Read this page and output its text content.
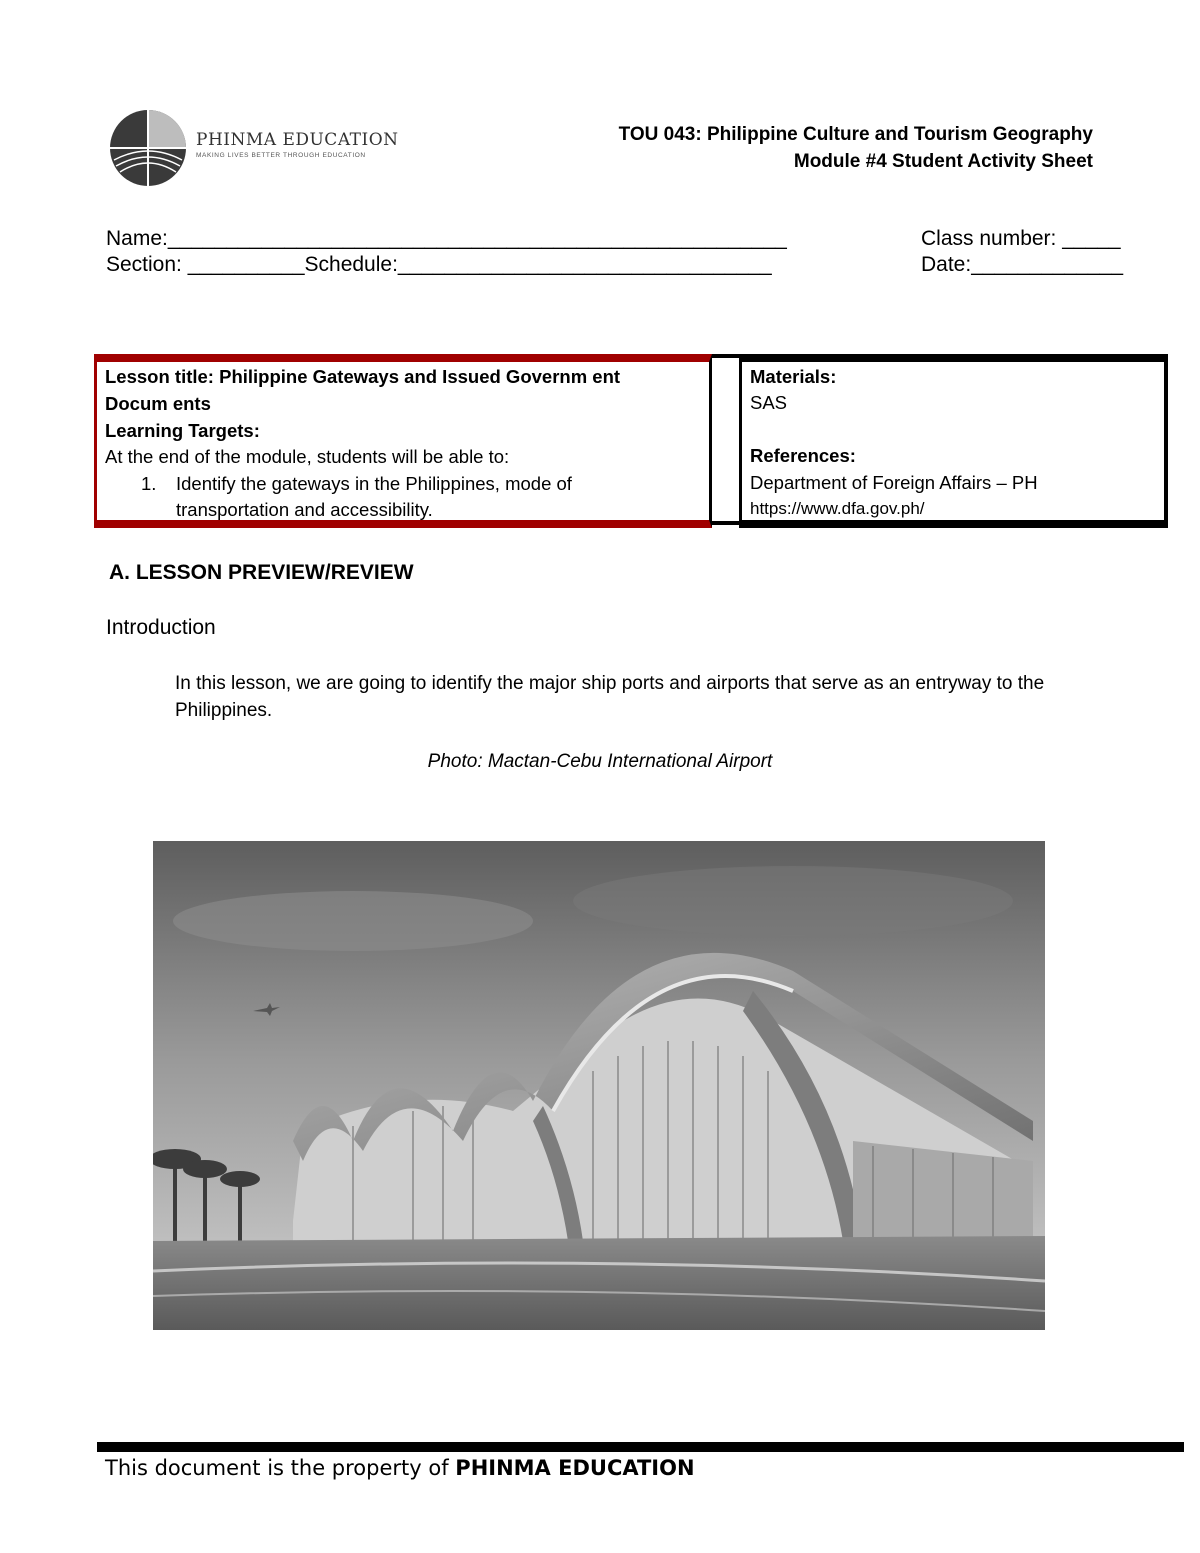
PHINMA EDUCATION
MAKING LIVES BETTER THROUGH EDUCATION
TOU 043: Philippine Culture and Tourism Geography
Module #4 Student Activity Sheet
Name:_____________________________________________________	Class number: _____
Section: __________Schedule:________________________________	Date:_____________
Lesson title: Philippine Gateways and Issued Governm ent
Docum ents
Learning Targets:
At the end of the module, students will be able to:
1. Identify the gateways in the Philippines, mode of
transportation and accessibility.
Materials:
SAS
References:
Department of Foreign Affairs – PH
https://www.dfa.gov.ph/
A. LESSON PREVIEW/REVIEW
Introduction
In this lesson, we are going to identify the major ship ports and airports that serve as an entryway to the Philippines.
Photo: Mactan-Cebu International Airport
This document is the property of PHINMA EDUCATION
